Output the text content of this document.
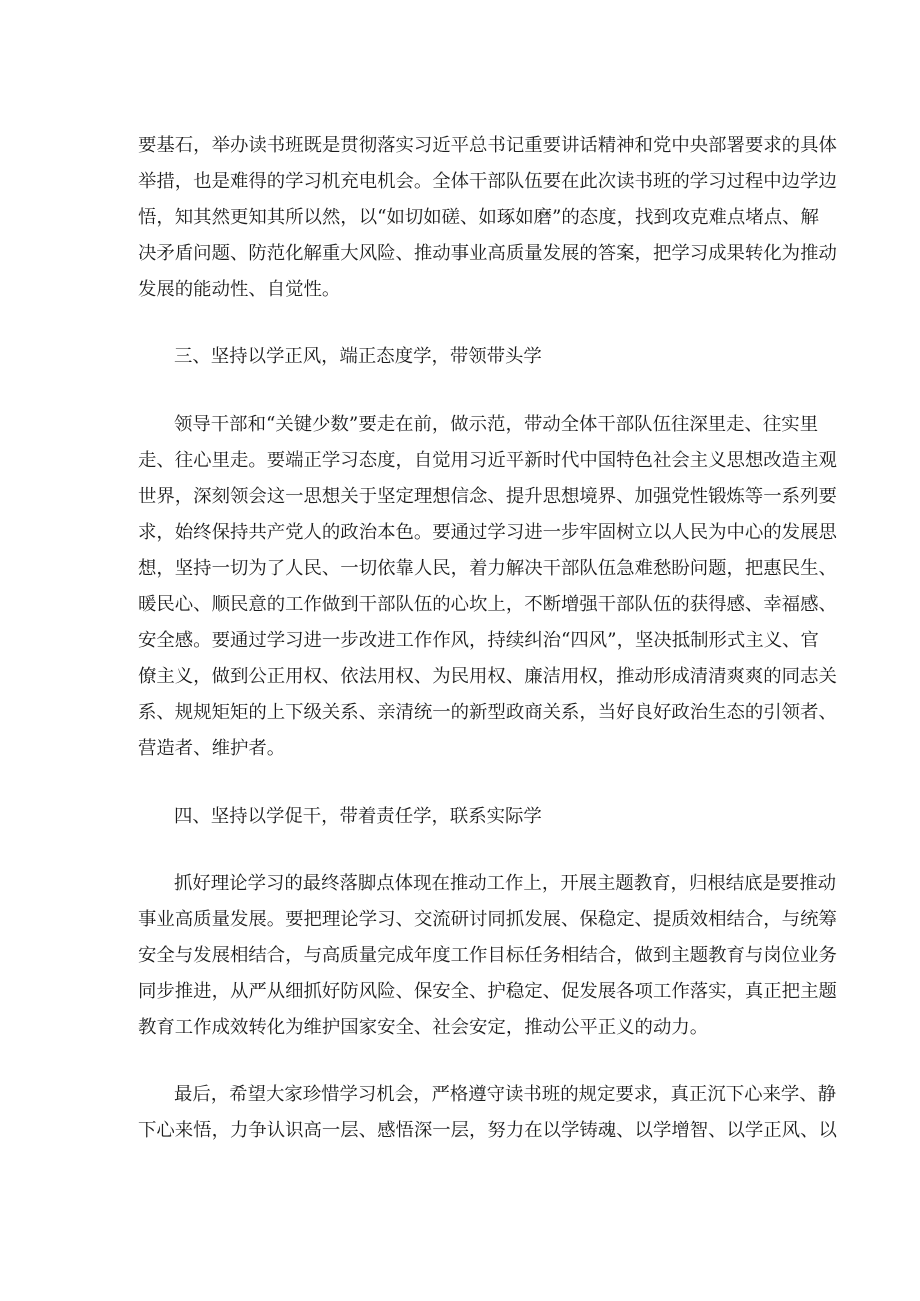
要基石，举办读书班既是贯彻落实习近平总书记重要讲话精神和党中央部署要求的具体
举措，也是难得的学习机充电机会。全体干部队伍要在此次读书班的学习过程中边学边
悟，知其然更知其所以然，以“如切如磋、如琢如磨”的态度，找到攻克难点堵点、解
决矛盾问题、防范化解重大风险、推动事业高质量发展的答案，把学习成果转化为推动
发展的能动性、自觉性。
三、坚持以学正风，端正态度学，带领带头学
领导干部和“关键少数”要走在前，做示范，带动全体干部队伍往深里走、往实里
走、往心里走。要端正学习态度，自觉用习近平新时代中国特色社会主义思想改造主观
世界，深刻领会这一思想关于坚定理想信念、提升思想境界、加强党性锻炼等一系列要
求，始终保持共产党人的政治本色。要通过学习进一步牢固树立以人民为中心的发展思
想，坚持一切为了人民、一切依靠人民，着力解决干部队伍急难愁盼问题，把惠民生、
暖民心、顺民意的工作做到干部队伍的心坎上，不断增强干部队伍的获得感、幸福感、
安全感。要通过学习进一步改进工作作风，持续纠治“四风”，坚决抵制形式主义、官
僚主义，做到公正用权、依法用权、为民用权、廉洁用权，推动形成清清爽爽的同志关
系、规规矩矩的上下级关系、亲清统一的新型政商关系，当好良好政治生态的引领者、
营造者、维护者。
四、坚持以学促干，带着责任学，联系实际学
抓好理论学习的最终落脚点体现在推动工作上，开展主题教育，归根结底是要推动
事业高质量发展。要把理论学习、交流研讨同抓发展、保稳定、提质效相结合，与统筹
安全与发展相结合，与高质量完成年度工作目标任务相结合，做到主题教育与岗位业务
同步推进，从严从细抓好防风险、保安全、护稳定、促发展各项工作落实，真正把主题
教育工作成效转化为维护国家安全、社会安定，推动公平正义的动力。
最后，希望大家珍惜学习机会，严格遵守读书班的规定要求，真正沉下心来学、静
下心来悟，力争认识高一层、感悟深一层，努力在以学铸魂、以学增智、以学正风、以
